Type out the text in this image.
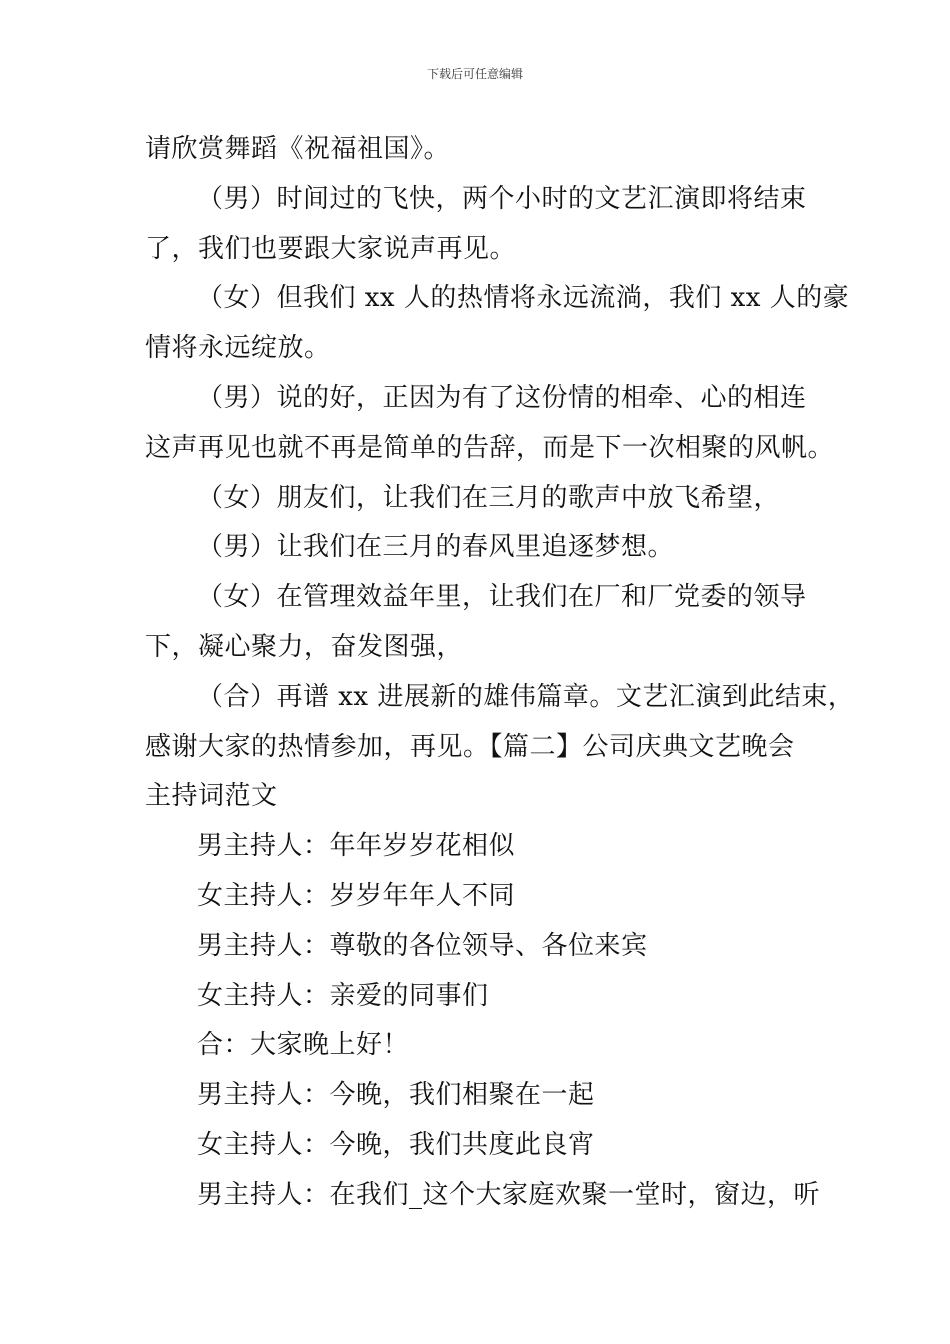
下载后可任意编辑
请欣赏舞蹈《祝福祖国》。
（男）时间过的飞快，两个小时的文艺汇演即将结束
了，我们也要跟大家说声再见。
（女）但我们 xx 人的热情将永远流淌，我们 xx 人的豪
情将永远绽放。
（男）说的好，正因为有了这份情的相牵、心的相连
这声再见也就不再是简单的告辞，而是下一次相聚的风帆。
（女）朋友们，让我们在三月的歌声中放飞希望，
（男）让我们在三月的春风里追逐梦想。
（女）在管理效益年里，让我们在厂和厂党委的领导
下，凝心聚力，奋发图强，
（合）再谱 xx 进展新的雄伟篇章。文艺汇演到此结束，
感谢大家的热情参加，再见。【篇二】公司庆典文艺晚会
主持词范文
男主持人：年年岁岁花相似
女主持人：岁岁年年人不同
男主持人：尊敬的各位领导、各位来宾
女主持人：亲爱的同事们
合：大家晚上好！
男主持人：今晚，我们相聚在一起
女主持人：今晚，我们共度此良宵
男主持人：在我们_这个大家庭欢聚一堂时，窗边，听
